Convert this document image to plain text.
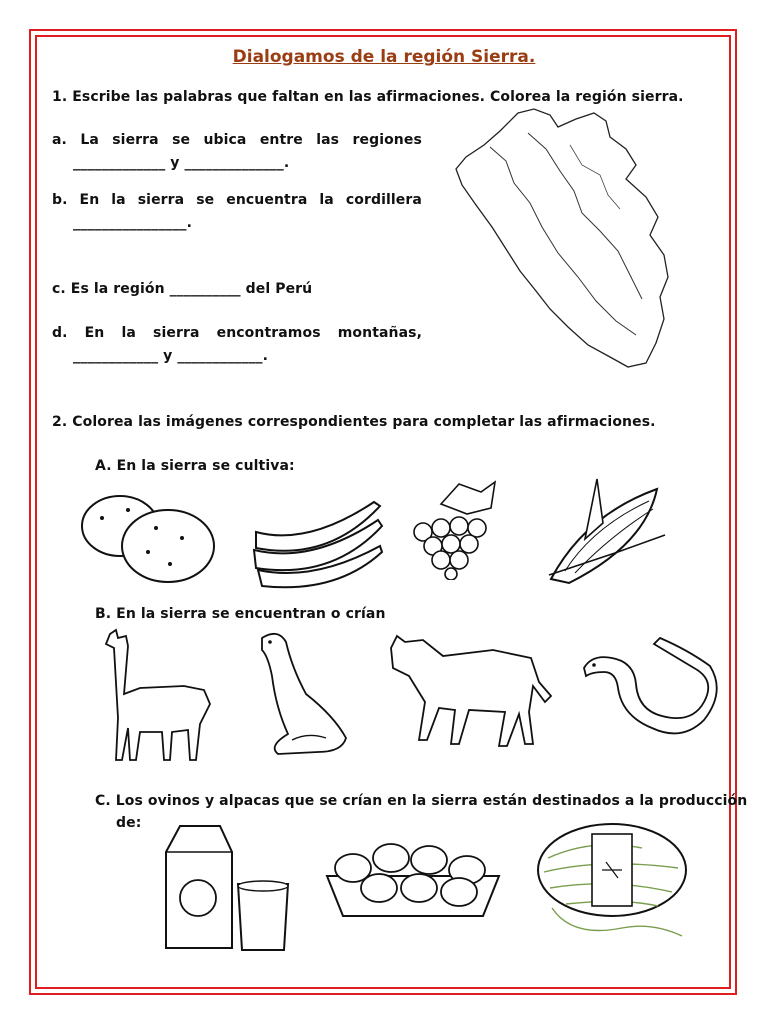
Dialogamos de la región Sierra.
1. Escribe las palabras que faltan en las afirmaciones. Colorea la región sierra.
a. La sierra se ubica entre las regiones
_____________ y ______________.
b. En la sierra se encuentra la cordillera
________________.
c. Es la región __________ del Perú
d. En la sierra encontramos montañas,
____________ y ____________.
2. Colorea las imágenes correspondientes para completar las afirmaciones.
A. En la sierra se cultiva:
B. En la sierra se encuentran o crían
C. Los ovinos y alpacas que se crían en la sierra están destinados a la producción
de:
